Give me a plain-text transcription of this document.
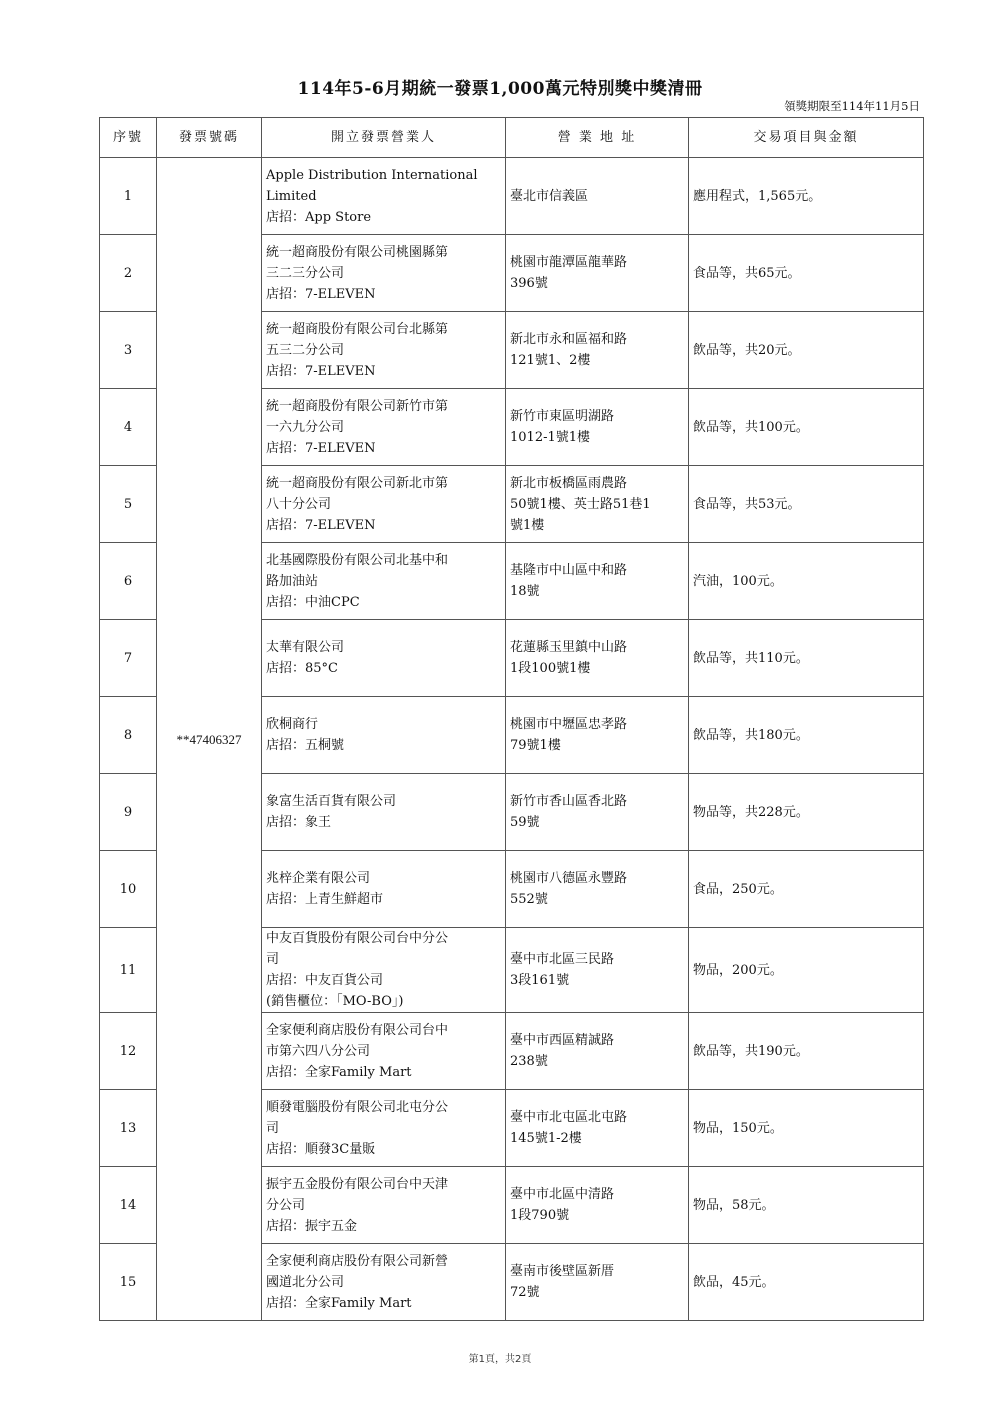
114年5-6月期統一發票1,000萬元特別獎中獎清冊
領獎期限至114年11月5日
序號	發票號碼	開立發票營業人	營 業 地 址	交易項目與金額
1	**47406327	Apple Distribution International
Limited
店招：App Store	臺北市信義區	應用程式，1,565元。
2		統一超商股份有限公司桃園縣第
三二三分公司
店招：7-ELEVEN	桃園市龍潭區龍華路
396號	食品等，共65元。
3		統一超商股份有限公司台北縣第
五三二分公司
店招：7-ELEVEN	新北市永和區福和路
121號1、2樓	飲品等，共20元。
4		統一超商股份有限公司新竹市第
一六九分公司
店招：7-ELEVEN	新竹市東區明湖路
1012-1號1樓	飲品等，共100元。
5		統一超商股份有限公司新北市第
八十分公司
店招：7-ELEVEN	新北市板橋區雨農路
50號1樓、英士路51巷1
號1樓	食品等，共53元。
6		北基國際股份有限公司北基中和
路加油站
店招：中油CPC	基隆市中山區中和路
18號	汽油，100元。
7		太華有限公司
店招：85°C	花蓮縣玉里鎮中山路
1段100號1樓	飲品等，共110元。
8		欣桐商行
店招：五桐號	桃園市中壢區忠孝路
79號1樓	飲品等，共180元。
9		象富生活百貨有限公司
店招：象王	新竹市香山區香北路
59號	物品等，共228元。
10		兆梓企業有限公司
店招：上青生鮮超市	桃園市八德區永豐路
552號	食品，250元。
11		中友百貨股份有限公司台中分公
司
店招：中友百貨公司
(銷售櫃位：「MO-BO」)	臺中市北區三民路
3段161號	物品，200元。
12		全家便利商店股份有限公司台中
市第六四八分公司
店招：全家Family Mart	臺中市西區精誠路
238號	飲品等，共190元。
13		順發電腦股份有限公司北屯分公
司
店招：順發3C量販	臺中市北屯區北屯路
145號1-2樓	物品，150元。
14		振宇五金股份有限公司台中天津
分公司
店招：振宇五金	臺中市北區中清路
1段790號	物品，58元。
15		全家便利商店股份有限公司新營
國道北分公司
店招：全家Family Mart	臺南市後壁區新厝
72號	飲品，45元。
第1頁，共2頁
